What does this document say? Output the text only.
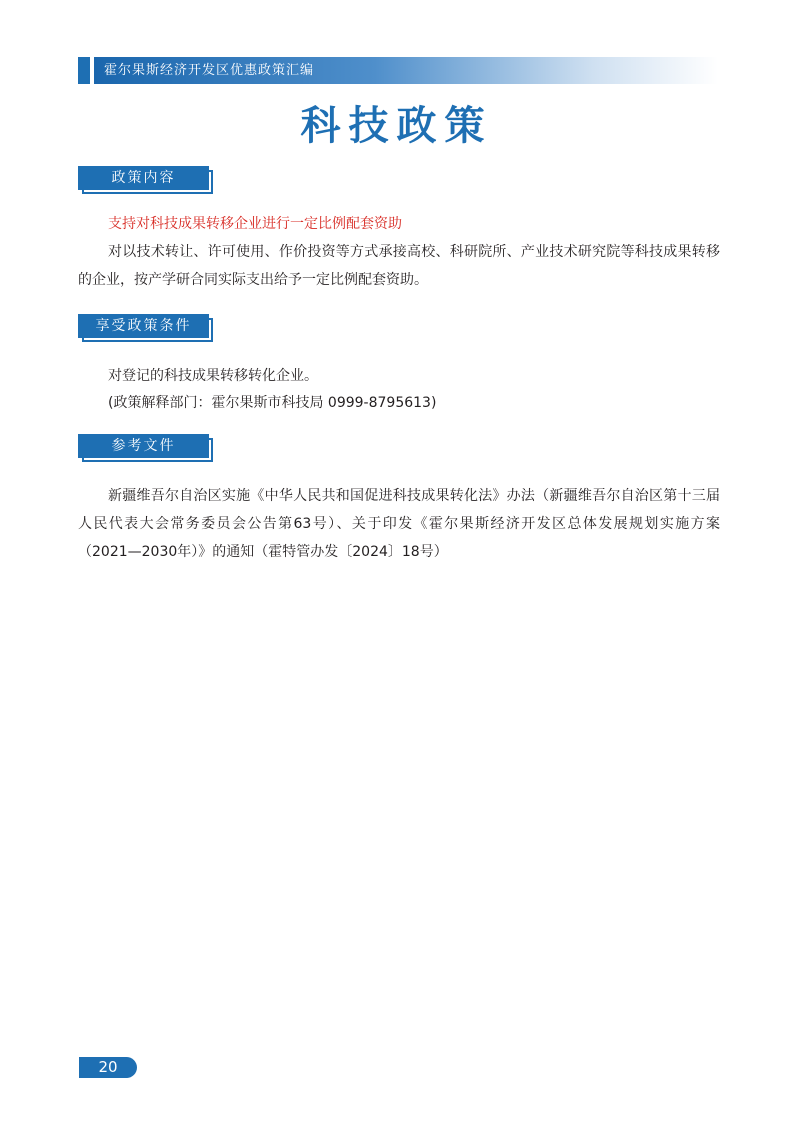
霍尔果斯经济开发区优惠政策汇编
科技政策
政策内容
支持对科技成果转移企业进行一定比例配套资助
对以技术转让、许可使用、作价投资等方式承接高校、科研院所、产业技术研究院等科技成果转移
的企业，按产学研合同实际支出给予一定比例配套资助。
享受政策条件
对登记的科技成果转移转化企业。
(政策解释部门：霍尔果斯市科技局 0999-8795613)
参考文件
新疆维吾尔自治区实施《中华人民共和国促进科技成果转化法》办法（新疆维吾尔自治区第十三届
人民代表大会常务委员会公告第63号）、关于印发《霍尔果斯经济开发区总体发展规划实施方案
（2021—2030年）》的通知（霍特管办发〔2024〕18号）
20
